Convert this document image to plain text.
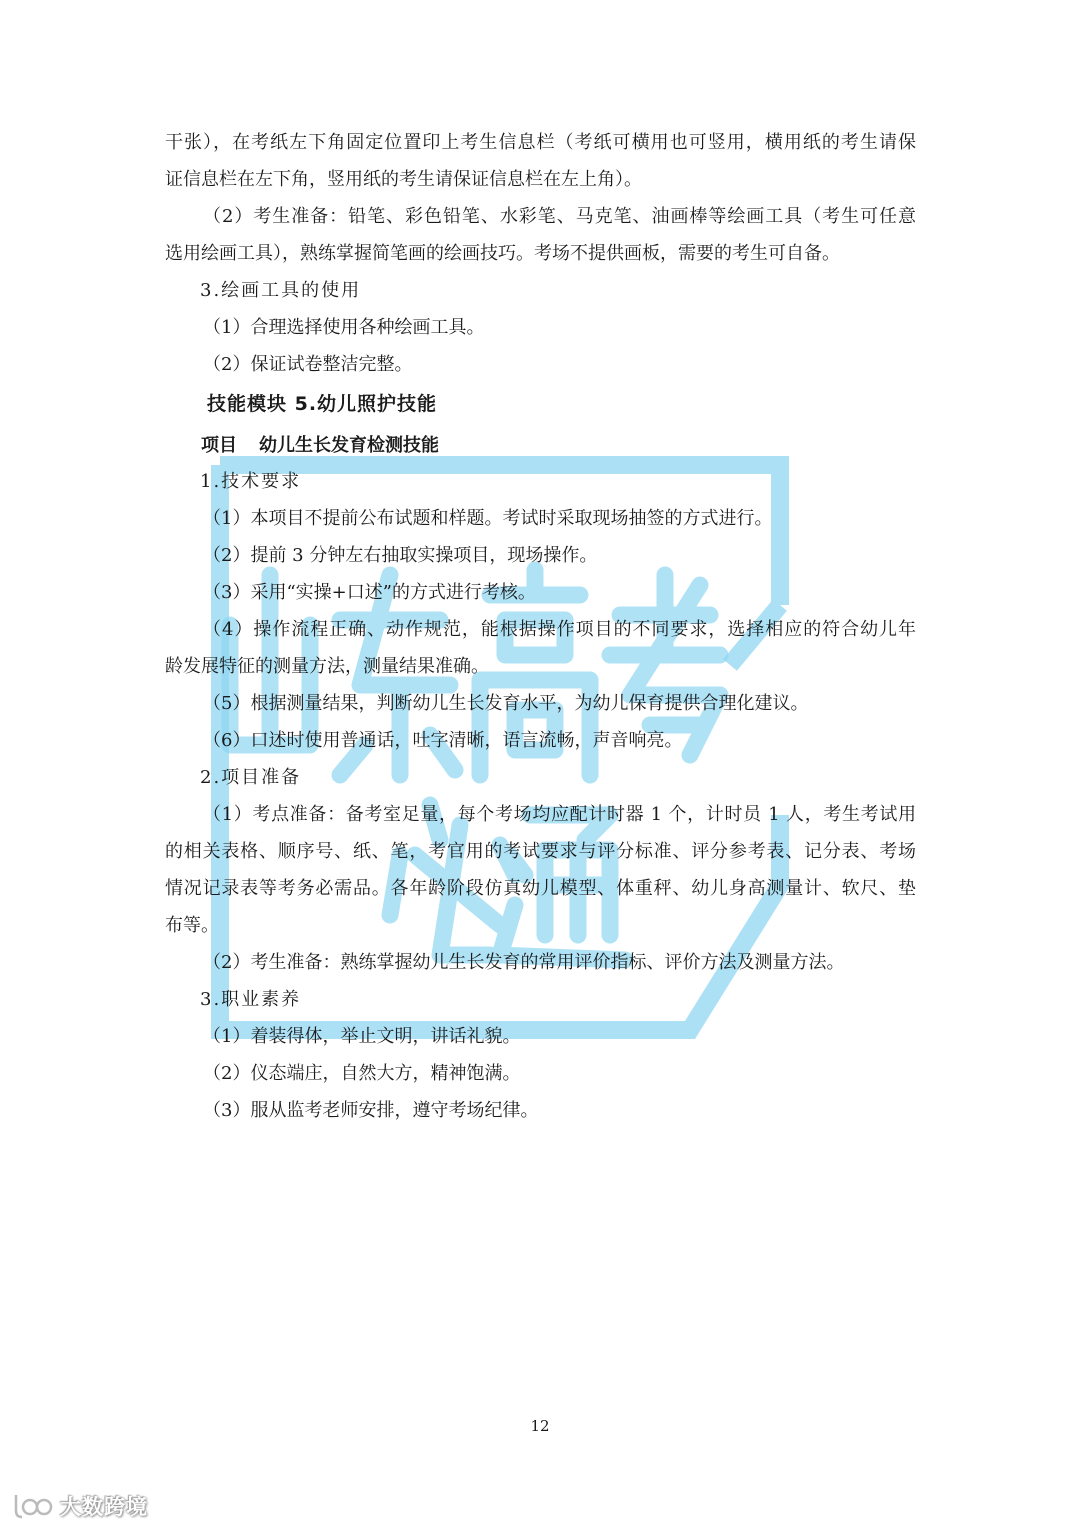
干张），在考纸左下角固定位置印上考生信息栏（考纸可横用也可竖用，横用纸的考生请保
证信息栏在左下角，竖用纸的考生请保证信息栏在左上角）。
（2）考生准备：铅笔、彩色铅笔、水彩笔、马克笔、油画棒等绘画工具（考生可任意
选用绘画工具），熟练掌握简笔画的绘画技巧。考场不提供画板，需要的考生可自备。
3.绘画工具的使用
（1）合理选择使用各种绘画工具。
（2）保证试卷整洁完整。
技能模块 5.幼儿照护技能
项目 幼儿生长发育检测技能
1.技术要求
（1）本项目不提前公布试题和样题。考试时采取现场抽签的方式进行。
（2）提前 3 分钟左右抽取实操项目，现场操作。
（3）采用“实操+口述”的方式进行考核。
（4）操作流程正确、动作规范，能根据操作项目的不同要求，选择相应的符合幼儿年
龄发展特征的测量方法，测量结果准确。
（5）根据测量结果，判断幼儿生长发育水平，为幼儿保育提供合理化建议。
（6）口述时使用普通话，吐字清晰，语言流畅，声音响亮。
2.项目准备
（1）考点准备：备考室足量，每个考场均应配计时器 1 个，计时员 1 人，考生考试用
的相关表格、顺序号、纸、笔，考官用的考试要求与评分标准、评分参考表、记分表、考场
情况记录表等考务必需品。各年龄阶段仿真幼儿模型、体重秤、幼儿身高测量计、软尺、垫
布等。
（2）考生准备：熟练掌握幼儿生长发育的常用评价指标、评价方法及测量方法。
3.职业素养
（1）着装得体，举止文明，讲话礼貌。
（2）仪态端庄，自然大方，精神饱满。
（3）服从监考老师安排，遵守考场纪律。
12
大数跨境
